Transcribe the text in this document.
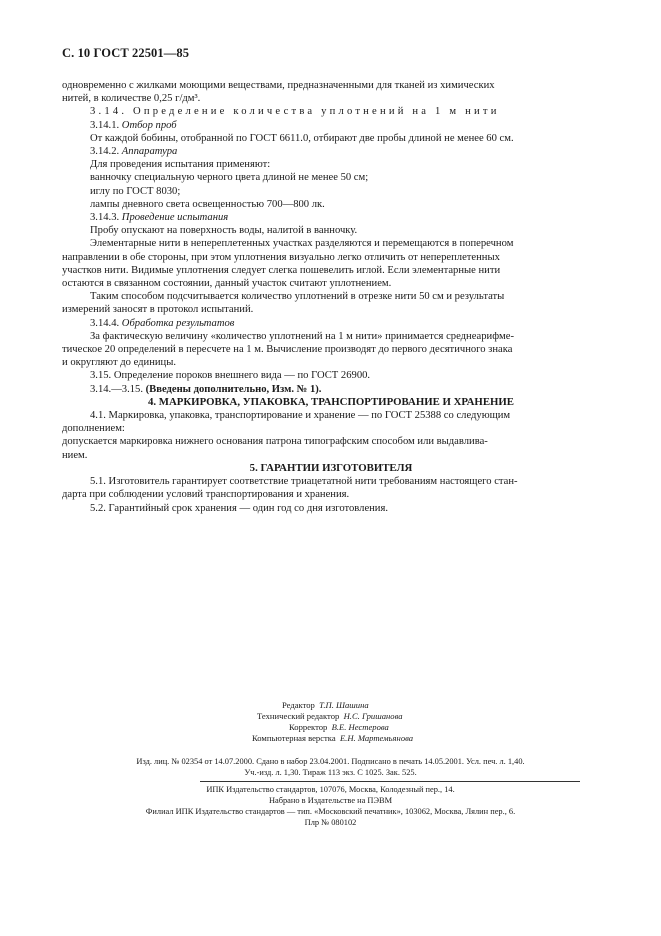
С. 10 ГОСТ 22501—85

одновременно с жилками моющими веществами, предназначенными для тканей из химических

нитей, в количестве 0,25 г/дм³.

3.14. Определение количества уплотнений на 1 м нити

3.14.1. Отбор проб

От каждой бобины, отобранной по ГОСТ 6611.0, отбирают две пробы длиной не менее 60 см.

3.14.2. Аппаратура

Для проведения испытания применяют:

ванночку специальную черного цвета длиной не менее 50 см;

иглу по ГОСТ 8030;

лампы дневного света освещенностью 700—800 лк.

3.14.3. Проведение испытания

Пробу опускают на поверхность воды, налитой в ванночку.

Элементарные нити в непереплетенных участках разделяются и перемещаются в поперечном

направлении в обе стороны, при этом уплотнения визуально легко отличить от непереплетенных

участков нити. Видимые уплотнения следует слегка пошевелить иглой. Если элементарные нити

остаются в связанном состоянии, данный участок считают уплотнением.

Таким способом подсчитывается количество уплотнений в отрезке нити 50 см и результаты

измерений заносят в протокол испытаний.

3.14.4. Обработка результатов

За фактическую величину «количество уплотнений на 1 м нити» принимается среднеарифме-

тическое 20 определений в пересчете на 1 м. Вычисление производят до первого десятичного знака

и округляют до единицы.

3.15. Определение пороков внешнего вида — по ГОСТ 26900.

3.14.—3.15. (Введены дополнительно, Изм. № 1).

4. МАРКИРОВКА, УПАКОВКА, ТРАНСПОРТИРОВАНИЕ И ХРАНЕНИЕ

4.1. Маркировка, упаковка, транспортирование и хранение — по ГОСТ 25388 со следующим

дополнением:

допускается маркировка нижнего основания патрона типографским способом или выдавлива-

нием.

5. ГАРАНТИИ ИЗГОТОВИТЕЛЯ

5.1. Изготовитель гарантирует соответствие триацетатной нити требованиям настоящего стан-

дарта при соблюдении условий транспортирования и хранения.

5.2. Гарантийный срок хранения — один год со дня изготовления.

Редактор Т.П. Шашина
Технический редактор Н.С. Гришанова
Корректор В.Е. Нестерова
Компьютерная верстка Е.Н. Мартемьянова
Изд. лиц. № 02354 от 14.07.2000. Сдано в набор 23.04.2001. Подписано в печать 14.05.2001. Усл. печ. л. 1,40.
Уч.-изд. л. 1,30. Тираж 113 экз. С 1025. Зак. 525.
ИПК Издательство стандартов, 107076, Москва, Колодезный пер., 14.
Набрано в Издательстве на ПЭВМ
Филиал ИПК Издательство стандартов — тип. «Московский печатник», 103062, Москва, Лялин пер., 6.
Плр № 080102
